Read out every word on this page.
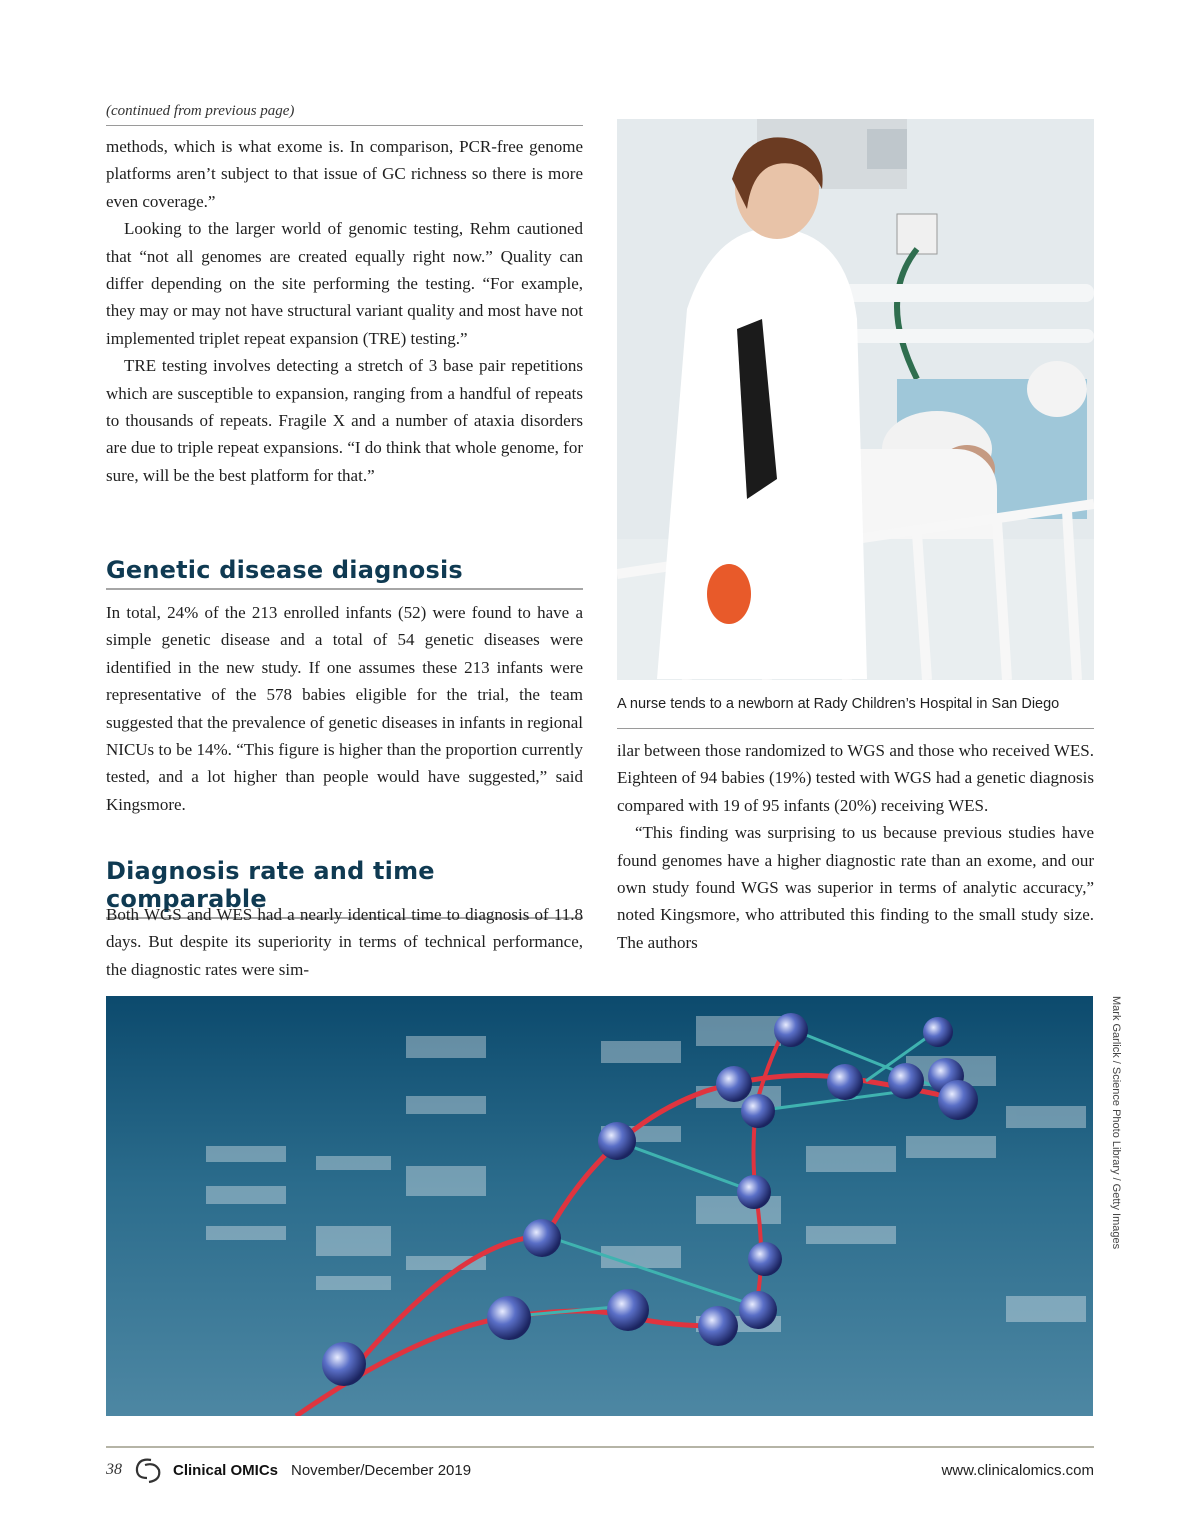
(continued from previous page)

methods, which is what exome is. In comparison, PCR-free genome platforms aren’t subject to that issue of GC richness so there is more even coverage.”

Looking to the larger world of genomic testing, Rehm cautioned that “not all genomes are created equally right now.” Quality can differ depending on the site performing the testing. “For example, they may or may not have structural variant quality and most have not implemented triplet repeat expansion (TRE) testing.”

TRE testing involves detecting a stretch of 3 base pair repetitions which are susceptible to expansion, ranging from a handful of repeats to thousands of repeats. Fragile X and a number of ataxia disorders are due to triple repeat expansions. “I do think that whole genome, for sure, will be the best platform for that.”

Genetic disease diagnosis

In total, 24% of the 213 enrolled infants (52) were found to have a simple genetic disease and a total of 54 genetic diseases were identified in the new study. If one assumes these 213 infants were representative of the 578 babies eligible for the trial, the team suggested that the prevalence of genetic diseases in infants in regional NICUs to be 14%. “This figure is higher than the proportion currently tested, and a lot higher than people would have suggested,” said Kingsmore.

Diagnosis rate and time comparable

Both WGS and WES had a nearly identical time to diagnosis of 11.8 days. But despite its superiority in terms of technical performance, the diagnostic rates were sim-

A nurse tends to a newborn at Rady Children’s Hospital in San Diego

ilar between those randomized to WGS and those who received WES. Eighteen of 94 babies (19%) tested with WGS had a genetic diagnosis compared with 19 of 95 infants (20%) receiving WES.

“This finding was surprising to us because previous studies have found genomes have a higher diagnostic rate than an exome, and our own study found WGS was superior in terms of analytic accuracy,” noted Kingsmore, who attributed this finding to the small study size. The authors

Mark Garlick / Science Photo Library / Getty Images
38	Clinical OMICs November/December 2019	www.clinicalomics.com
